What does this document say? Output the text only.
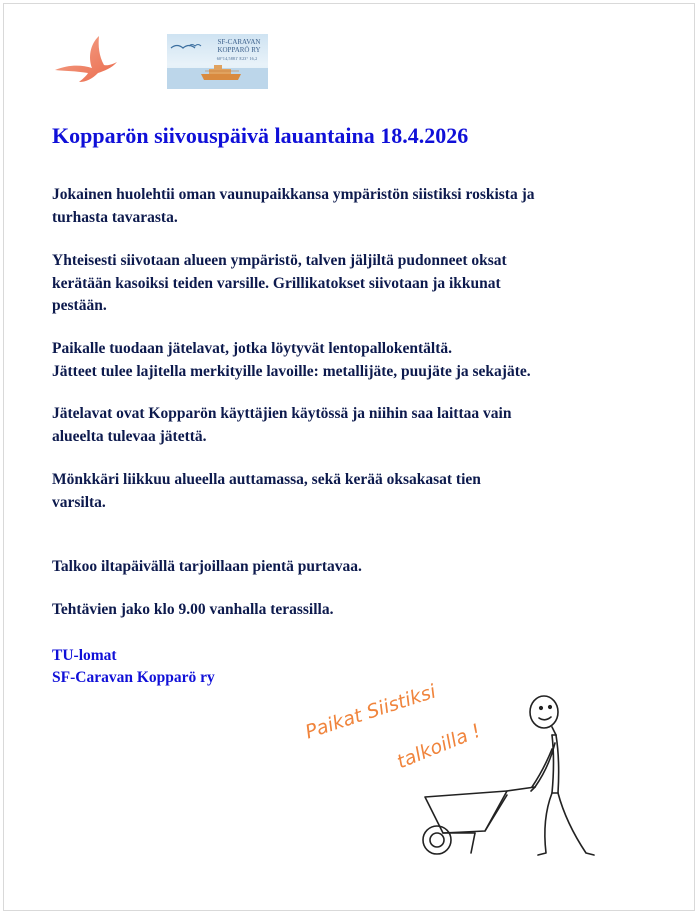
SF-CARAVAN KOPPARÖ RY
60°14,5881' E23° 16,2
Kopparön siivouspäivä lauantaina 18.4.2026
Jokainen huolehtii oman vaunupaikkansa ympäristön siistiksi roskista ja
turhasta tavarasta.
Yhteisesti siivotaan alueen ympäristö, talven jäljiltä pudonneet oksat
kerätään kasoiksi teiden varsille. Grillikatokset siivotaan ja ikkunat
pestään.
Paikalle tuodaan jätelavat, jotka löytyvät lentopallokentältä.
Jätteet tulee lajitella merkityille lavoille: metallijäte, puujäte ja sekajäte.
Jätelavat ovat Kopparön käyttäjien käytössä ja niihin saa laittaa vain
alueelta tulevaa jätettä.
Mönkkäri liikkuu alueella auttamassa, sekä kerää oksakasat tien
varsilta.
Talkoo iltapäivällä tarjoillaan pientä purtavaa.
Tehtävien jako klo 9.00 vanhalla terassilla.
TU-lomat
SF-Caravan Kopparö ry
Paikat Siistiksi
talkoilla !
